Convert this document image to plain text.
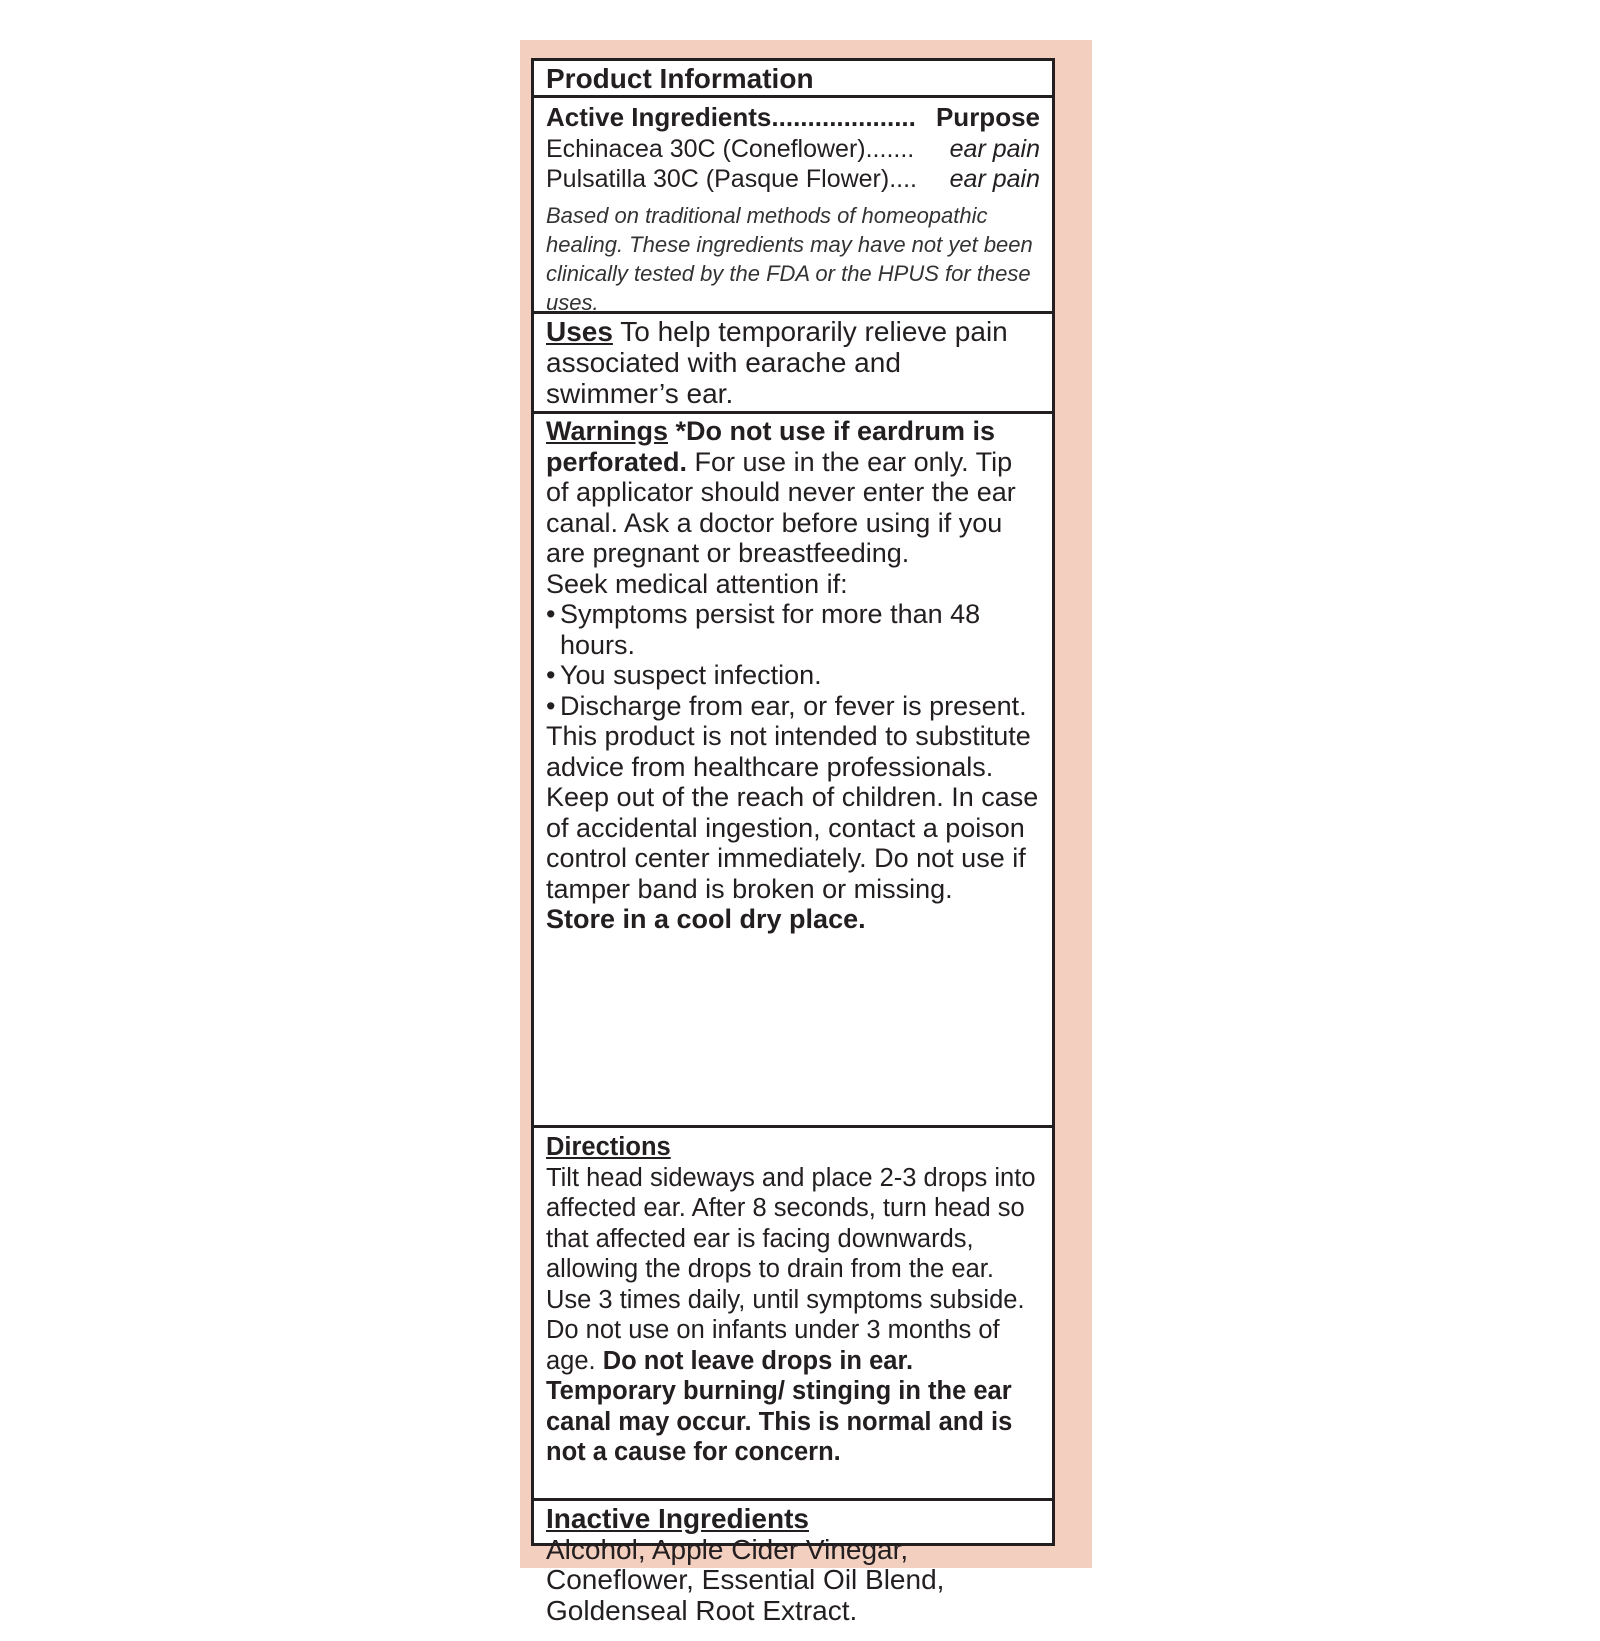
Product Information
Active Ingredients .................... Purpose
Echinacea 30C (Coneflower) .......	ear pain
Pulsatilla 30C (Pasque Flower) ....	ear pain

Based on traditional methods of homeopathic healing. These ingredients may have not yet been clinically tested by the FDA or the HPUS for these uses.

Uses To help temporarily relieve pain associated with earache and swimmer’s ear.

Warnings *Do not use if eardrum is perforated. For use in the ear only. Tip of applicator should never enter the ear canal. Ask a doctor before using if you are pregnant or breastfeeding.

Seek medical attention if:

• Symptoms persist for more than 48 hours.
• You suspect infection.
• Discharge from ear, or fever is present.

This product is not intended to substitute advice from healthcare professionals. Keep out of the reach of children. In case of accidental ingestion, contact a poison control center immediately. Do not use if tamper band is broken or missing.

Store in a cool dry place.

Directions

Tilt head sideways and place 2-3 drops into affected ear. After 8 seconds, turn head so that affected ear is facing downwards, allowing the drops to drain from the ear. Use 3 times daily, until symptoms subside. Do not use on infants under 3 months of age. Do not leave drops in ear. Temporary burning/ stinging in the ear canal may occur. This is normal and is not a cause for concern.

Inactive Ingredients

Alcohol, Apple Cider Vinegar, Coneflower, Essential Oil Blend, Goldenseal Root Extract.
